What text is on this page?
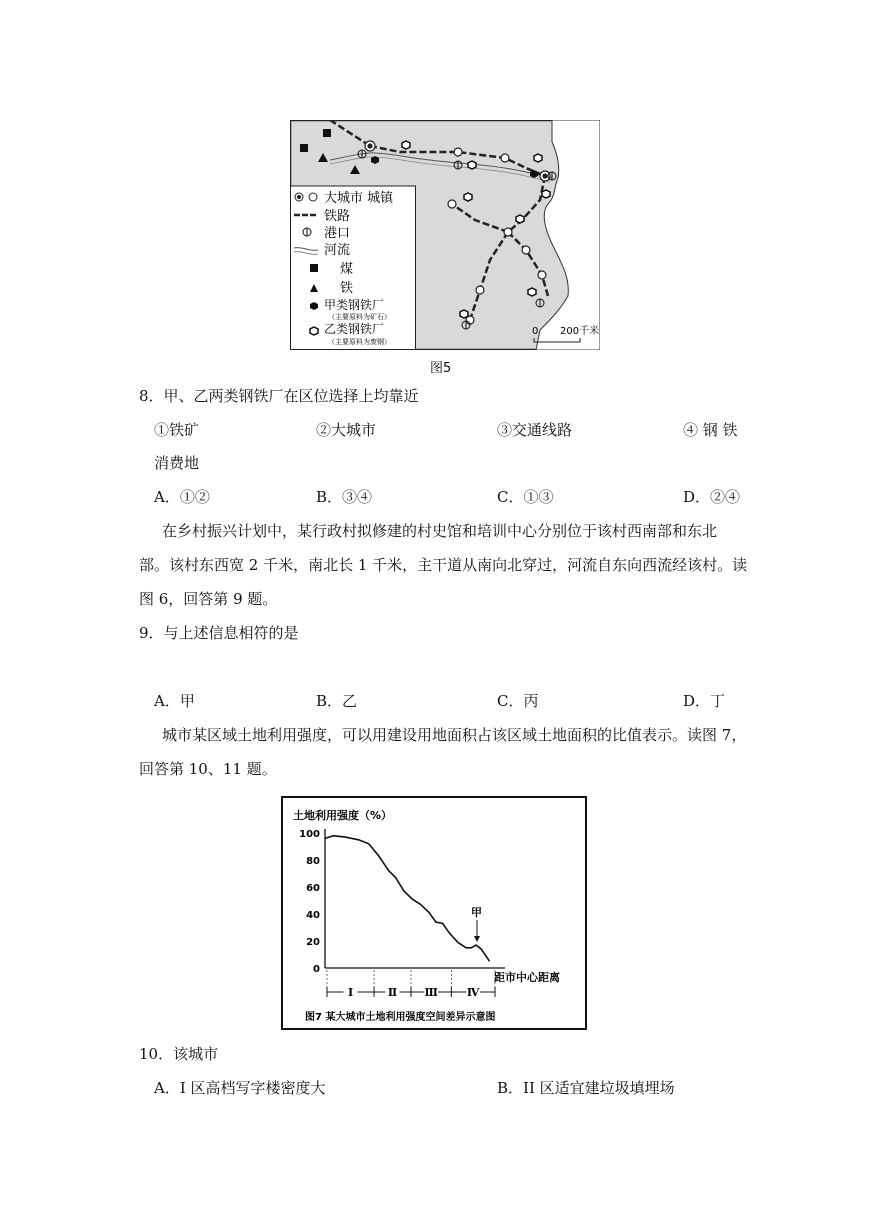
大城市 城镇
铁路
港口
河流
煤
铁
甲类钢铁厂
（主要原料为矿石）
乙类钢铁厂
（主要原料为废钢）
0 200千米
图5
8．甲、乙两类钢铁厂在区位选择上均靠近
①铁矿	②大城市	③交通线路	④ 钢 铁
消费地
A．①②	B．③④	C．①③	D．②④
在乡村振兴计划中，某行政村拟修建的村史馆和培训中心分别位于该村西南部和东北
部。该村东西宽 2 千米，南北长 1 千米，主干道从南向北穿过，河流自东向西流经该村。读
图 6，回答第 9 题。
9．与上述信息相符的是
A．甲	B．乙	C．丙	D．丁
城市某区域土地利用强度，可以用建设用地面积占该区域土地面积的比值表示。读图 7，
回答第 10、11 题。
土地利用强度（%）
0
20
40
60
80
100
甲
距市中心距离
Ⅰ	Ⅱ Ⅲ	Ⅳ
图7 某大城市土地利用强度空间差异示意图
10．该城市
A．I 区高档写字楼密度大	B．II 区适宜建垃圾填埋场
